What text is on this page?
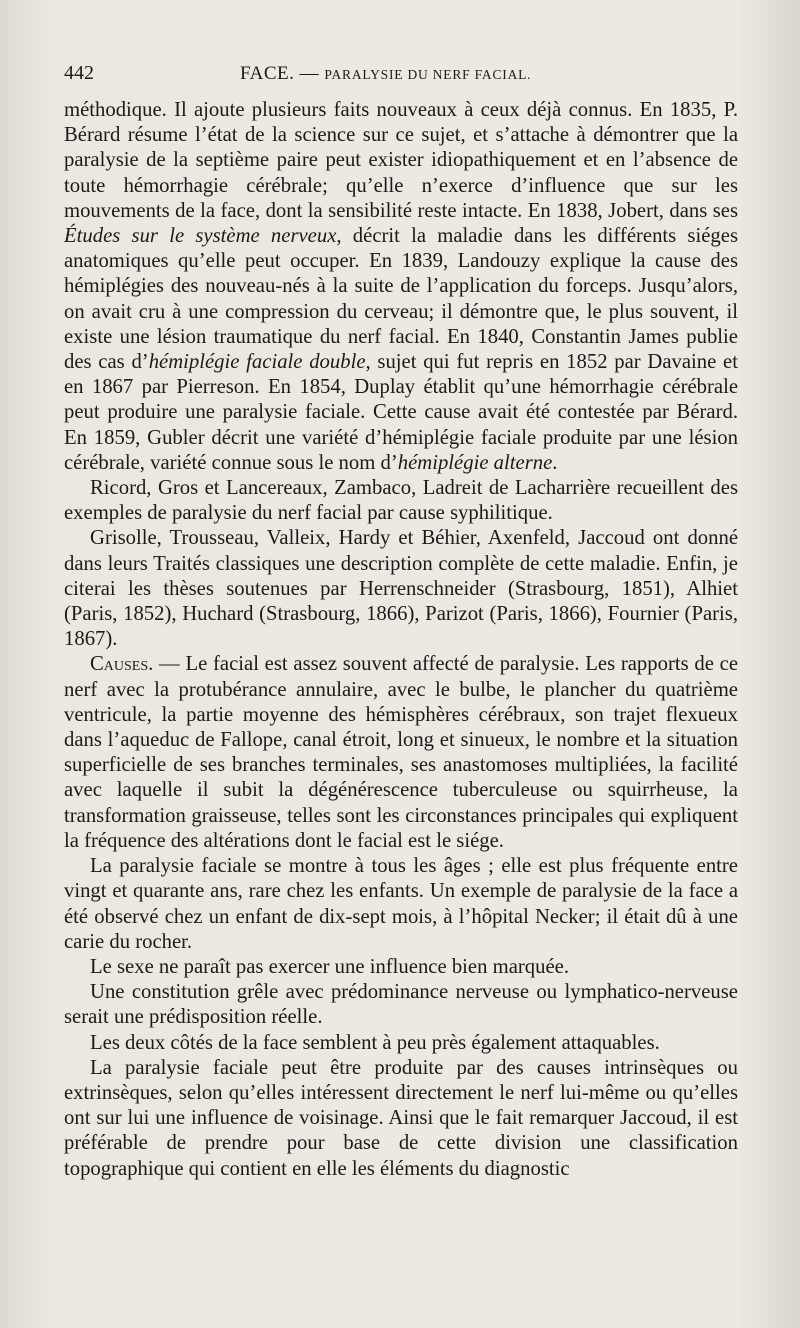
442	FACE. — PARALYSIE DU NERF FACIAL.

méthodique. Il ajoute plusieurs faits nouveaux à ceux déjà connus. En 1835, P. Bérard résume l’état de la science sur ce sujet, et s’attache à démontrer que la paralysie de la septième paire peut exister idiopathiquement et en l’absence de toute hémorrhagie cérébrale; qu’elle n’exerce d’influence que sur les mouvements de la face, dont la sensibilité reste intacte. En 1838, Jobert, dans ses Études sur le système nerveux, décrit la maladie dans les différents siéges anatomiques qu’elle peut occuper. En 1839, Landouzy explique la cause des hémiplégies des nouveau-nés à la suite de l’application du forceps. Jusqu’alors, on avait cru à une compression du cerveau; il démontre que, le plus souvent, il existe une lésion traumatique du nerf facial. En 1840, Constantin James publie des cas d’hémiplégie faciale double, sujet qui fut repris en 1852 par Davaine et en 1867 par Pierreson. En 1854, Duplay établit qu’une hémorrhagie cérébrale peut produire une paralysie faciale. Cette cause avait été contestée par Bérard. En 1859, Gubler décrit une variété d’hémiplégie faciale produite par une lésion cérébrale, variété connue sous le nom d’hémiplégie alterne.

Ricord, Gros et Lancereaux, Zambaco, Ladreit de Lacharrière recueillent des exemples de paralysie du nerf facial par cause syphilitique.

Grisolle, Trousseau, Valleix, Hardy et Béhier, Axenfeld, Jaccoud ont donné dans leurs Traités classiques une description complète de cette maladie. Enfin, je citerai les thèses soutenues par Herrenschneider (Strasbourg, 1851), Alhiet (Paris, 1852), Huchard (Strasbourg, 1866), Parizot (Paris, 1866), Fournier (Paris, 1867).

Causes. — Le facial est assez souvent affecté de paralysie. Les rapports de ce nerf avec la protubérance annulaire, avec le bulbe, le plancher du quatrième ventricule, la partie moyenne des hémisphères cérébraux, son trajet flexueux dans l’aqueduc de Fallope, canal étroit, long et sinueux, le nombre et la situation superficielle de ses branches terminales, ses anastomoses multipliées, la facilité avec laquelle il subit la dégénérescence tuberculeuse ou squirrheuse, la transformation graisseuse, telles sont les circonstances principales qui expliquent la fréquence des altérations dont le facial est le siége.

La paralysie faciale se montre à tous les âges ; elle est plus fréquente entre vingt et quarante ans, rare chez les enfants. Un exemple de paralysie de la face a été observé chez un enfant de dix-sept mois, à l’hôpital Necker; il était dû à une carie du rocher.

Le sexe ne paraît pas exercer une influence bien marquée.

Une constitution grêle avec prédominance nerveuse ou lymphatico-nerveuse serait une prédisposition réelle.

Les deux côtés de la face semblent à peu près également attaquables.

La paralysie faciale peut être produite par des causes intrinsèques ou extrinsèques, selon qu’elles intéressent directement le nerf lui-même ou qu’elles ont sur lui une influence de voisinage. Ainsi que le fait remarquer Jaccoud, il est préférable de prendre pour base de cette division une classification topographique qui contient en elle les éléments du diagnostic
